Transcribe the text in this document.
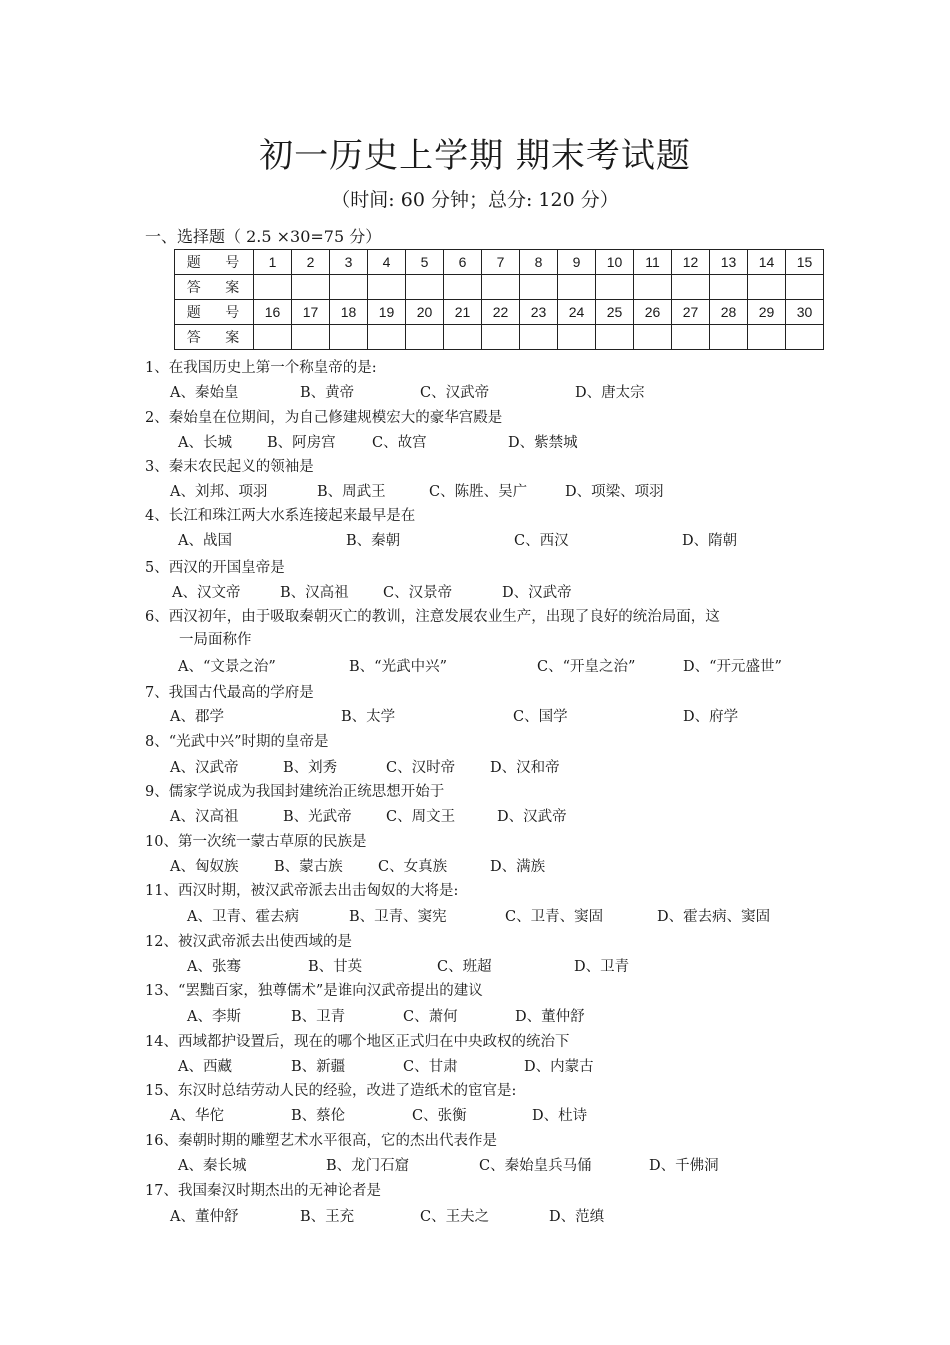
初一历史上学期 期末考试题
（时间: 60 分钟；总分: 120 分）
一、选择题（ 2.5 ×30=75 分）
题 号	1	2	3	4	5	6	7	8	9	10	11	12	13	14	15
答 案															
题 号	16	17	18	19	20	21	22	23	24	25	26	27	28	29	30
答 案															
1、在我国历史上第一个称皇帝的是:
A、秦始皇	B、黄帝	C、汉武帝	D、唐太宗
2、秦始皇在位期间，为自己修建规模宏大的豪华宫殿是
A、长城 B、阿房宫	C、故宫	D、紫禁城
3、秦末农民起义的领袖是
A、刘邦、项羽	B、周武王	C、陈胜、吴广	D、项梁、项羽
4、长江和珠江两大水系连接起来最早是在
A、战国	B、秦朝	C、西汉	D、隋朝
5、西汉的开国皇帝是
A、汉文帝	B、汉高祖 C、汉景帝	D、汉武帝
6、西汉初年，由于吸取秦朝灭亡的教训，注意发展农业生产，出现了良好的统治局面，这
一局面称作
A、“文景之治”	B、“光武中兴”	C、“开皇之治”	D、“开元盛世”
7、我国古代最高的学府是
A、郡学	B、太学	C、国学	D、府学
8、“光武中兴”时期的皇帝是
A、汉武帝	B、刘秀	C、汉时帝 D、汉和帝
9、儒家学说成为我国封建统治正统思想开始于
A、汉高祖	B、光武帝 C、周文王	D、汉武帝
10、第一次统一蒙古草原的民族是
A、匈奴族 B、蒙古族 C、女真族	D、满族
11、西汉时期，被汉武帝派去出击匈奴的大将是:
A、卫青、霍去病	B、卫青、窦宪	C、卫青、窦固	D、霍去病、窦固
12、被汉武帝派去出使西域的是
A、张骞	B、甘英	C、班超	D、卫青
13、“罢黜百家，独尊儒术”是谁向汉武帝提出的建议
A、李斯	B、卫青	C、萧何	D、董仲舒
14、西域都护设置后，现在的哪个地区正式归在中央政权的统治下
A、西藏	B、新疆	C、甘肃	D、内蒙古
15、东汉时总结劳动人民的经验，改进了造纸术的宦官是:
A、华佗	B、蔡伦	C、张衡	D、杜诗
16、秦朝时期的雕塑艺术水平很高，它的杰出代表作是
A、秦长城	B、龙门石窟	C、秦始皇兵马俑	D、千佛洞
17、我国秦汉时期杰出的无神论者是
A、董仲舒	B、王充	C、王夫之	D、范缜
